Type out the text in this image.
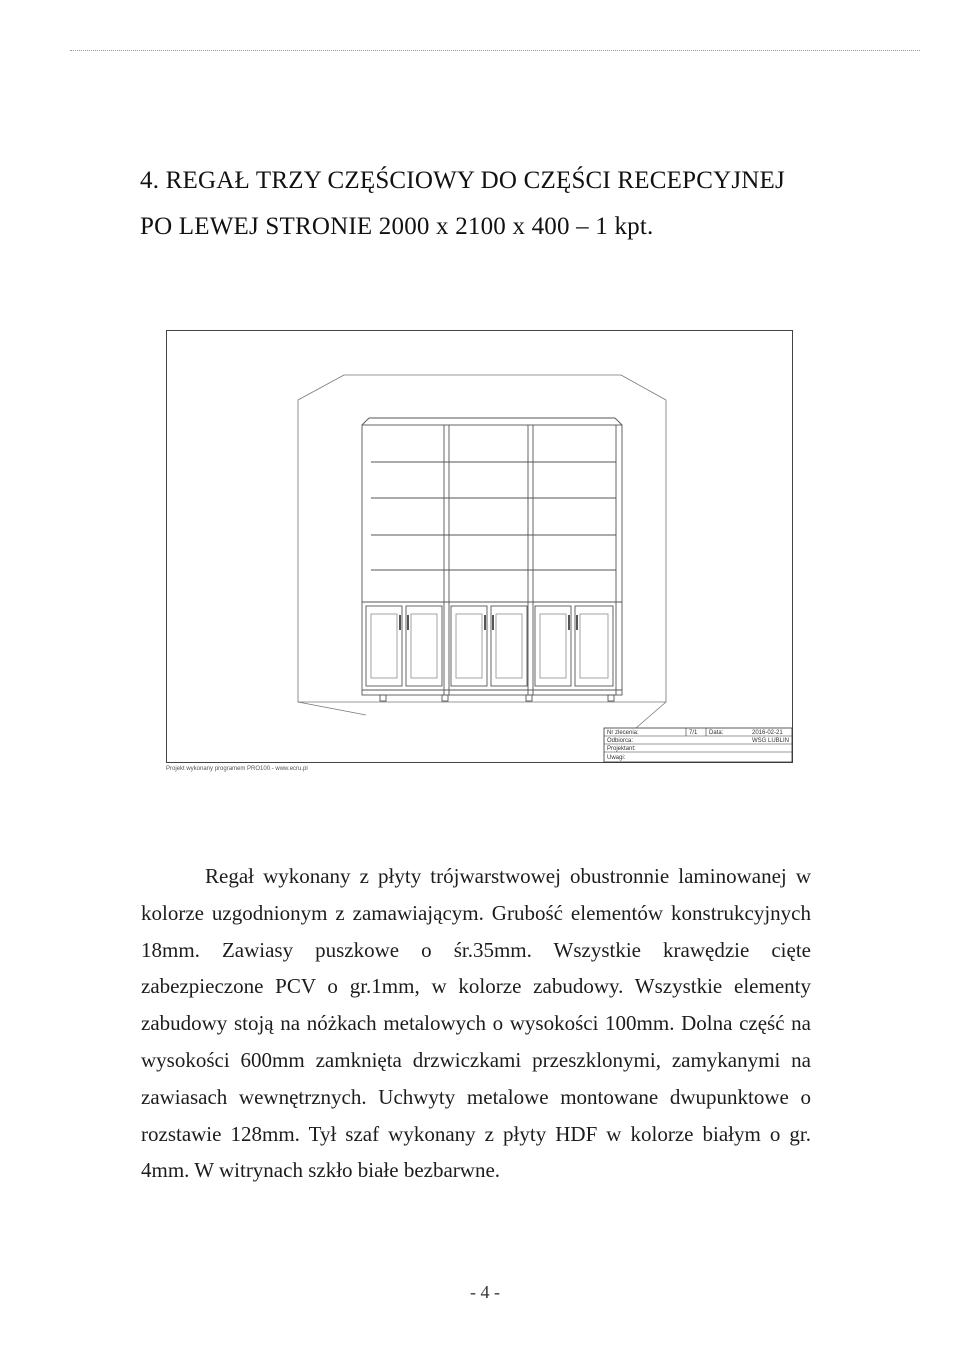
4. REGAŁ TRZY CZĘŚCIOWY DO CZĘŚCI RECEPCYJNEJ
PO LEWEJ STRONIE 2000 x 2100 x 400 – 1 kpt.
Nr zlecenia:	7/1 Data:	2016-02-21
Odbiorca:	WSG LUBLIN
Projektant:
Uwagi:
Projekt wykonany programem PRO100 - www.ecru.pl

Regał wykonany z płyty trójwarstwowej obustronnie laminowanej w kolorze uzgodnionym z zamawiającym. Grubość elementów konstrukcyjnych 18mm. Zawiasy puszkowe o śr.35mm. Wszystkie krawędzie cięte zabezpieczone PCV o gr.1mm, w kolorze zabudowy. Wszystkie elementy zabudowy stoją na nóżkach metalowych o wysokości 100mm. Dolna część na wysokości 600mm zamknięta drzwiczkami przeszklonymi, zamykanymi na zawiasach wewnętrznych. Uchwyty metalowe montowane dwupunktowe o rozstawie 128mm. Tył szaf wykonany z płyty HDF w kolorze białym o gr. 4mm. W witrynach szkło białe bezbarwne.

- 4 -
